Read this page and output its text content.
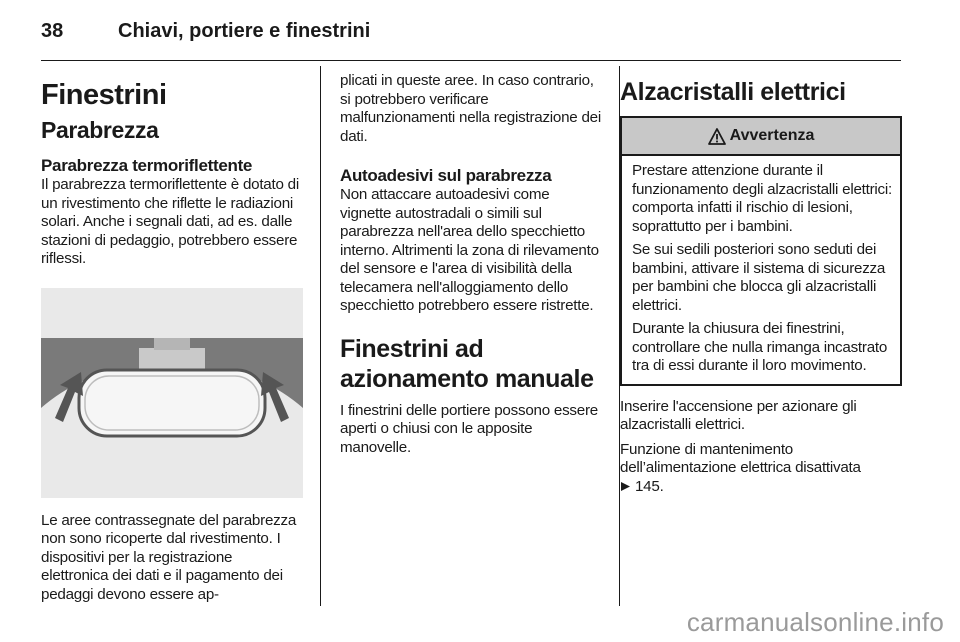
38	Chiavi, portiere e finestrini
Finestrini
Parabrezza
Parabrezza termoriflettente

Il parabrezza termoriflettente è dotato di un rivestimento che riflette le radiazioni solari. Anche i segnali dati, ad es. dalle stazioni di pedaggio, potrebbero essere riflessi.

Le aree contrassegnate del parabrezza non sono ricoperte dal rivestimento. I dispositivi per la registrazione elettronica dei dati e il pagamento dei pedaggi devono essere ap-

plicati in queste aree. In caso contrario, si potrebbero verificare malfunzionamenti nella registrazione dei dati.

Autoadesivi sul parabrezza

Non attaccare autoadesivi come vignette autostradali o simili sul parabrezza nell'area dello specchietto interno. Altrimenti la zona di rilevamento del sensore e l'area di visibilità della telecamera nell'alloggiamento dello specchietto potrebbero essere ristrette.

Finestrini ad azionamento manuale

I finestrini delle portiere possono essere aperti o chiusi con le apposite manovelle.

Alzacristalli elettrici
Avvertenza

Prestare attenzione durante il funzionamento degli alzacristalli elettrici: comporta infatti il rischio di lesioni, soprattutto per i bambini.

Se sui sedili posteriori sono seduti dei bambini, attivare il sistema di sicurezza per bambini che blocca gli alzacristalli elettrici.

Durante la chiusura dei finestrini, controllare che nulla rimanga incastrato tra di essi durante il loro movimento.

Inserire l'accensione per azionare gli alzacristalli elettrici.

Funzione di mantenimento dell’alimentazione elettrica disattivata
145.

carmanualsonline.info
